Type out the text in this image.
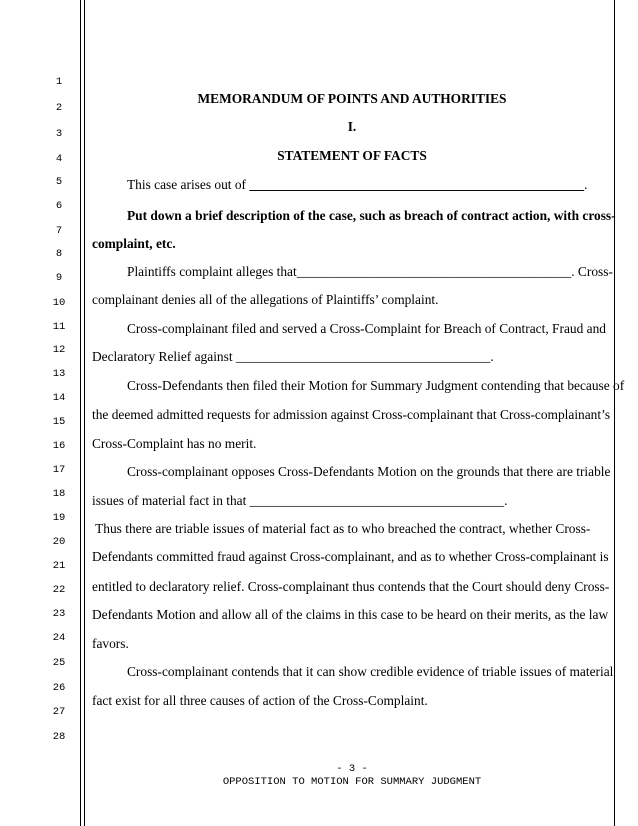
1
2
3
4
5
6
7
8
9
10
11
12
13
14
15
16
17
18
19
20
21
22
23
24
25
26
27
28
MEMORANDUM OF POINTS AND AUTHORITIES
I.
STATEMENT OF FACTS
This case arises out of __________________________________________________.
Put down a brief description of the case, such as breach of contract action, with cross-
complaint, etc.
Plaintiffs complaint alleges that_________________________________________. Cross-
complainant denies all of the allegations of Plaintiffs’ complaint.
Cross-complainant filed and served a Cross-Complaint for Breach of Contract, Fraud and
Declaratory Relief against ______________________________________.
Cross-Defendants then filed their Motion for Summary Judgment contending that because of
the deemed admitted requests for admission against Cross-complainant that Cross-complainant’s
Cross-Complaint has no merit.
Cross-complainant opposes Cross-Defendants Motion on the grounds that there are triable
issues of material fact in that ______________________________________.
Thus there are triable issues of material fact as to who breached the contract, whether Cross-
Defendants committed fraud against Cross-complainant, and as to whether Cross-complainant is
entitled to declaratory relief. Cross-complainant thus contends that the Court should deny Cross-
Defendants Motion and allow all of the claims in this case to be heard on their merits, as the law
favors.
Cross-complainant contends that it can show credible evidence of triable issues of material
fact exist for all three causes of action of the Cross-Complaint.
- 3 -
OPPOSITION TO MOTION FOR SUMMARY JUDGMENT
